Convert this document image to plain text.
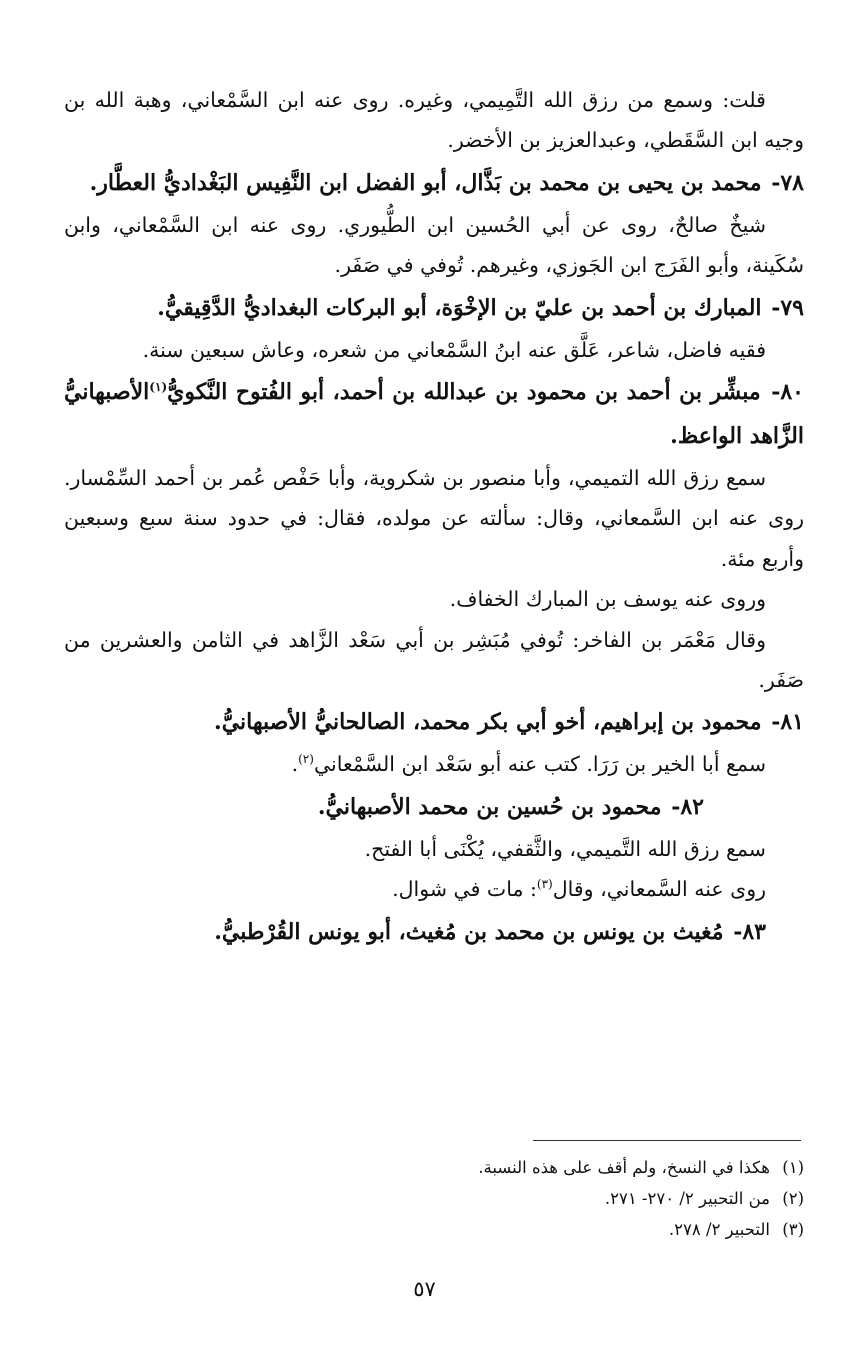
قلت: وسمع من رزق الله التَّمِيمي، وغيره. روى عنه ابن السَّمْعاني، وهبة الله بن وجيه ابن السَّقَطي، وعبدالعزيز بن الأخضر.

٧٨- محمد بن يحيى بن محمد بن بَذَّال، أبو الفضل ابن النَّفِيس البَغْداديُّ العطَّار.

شيخٌ صالحٌ، روى عن أبي الحُسين ابن الطُّيوري. روى عنه ابن السَّمْعاني، وابن سُكَينة، وأبو الفَرَج ابن الجَوزي، وغيرهم. تُوفي في صَفَر.

٧٩- المبارك بن أحمد بن عليّ بن الإخْوَة، أبو البركات البغداديُّ الدَّقِيقيُّ.

فقيه فاضل، شاعر، عَلَّق عنه ابنُ السَّمْعاني من شعره، وعاش سبعين سنة.

٨٠- مبشِّر بن أحمد بن محمود بن عبدالله بن أحمد، أبو الفُتوح النَّكويُّ$^{(١)}$الأصبهانيُّ الزَّاهد الواعظ.

سمع رزق الله التميمي، وأبا منصور بن شكروية، وأبا حَفْص عُمر بن أحمد السِّمْسار. روى عنه ابن السَّمعاني، وقال: سألته عن مولده، فقال: في حدود سنة سبع وسبعين وأربع مئة.

وروى عنه يوسف بن المبارك الخفاف.

وقال مَعْمَر بن الفاخر: تُوفي مُبَشِر بن أبي سَعْد الزَّاهد في الثامن والعشرين من صَفَر.

٨١- محمود بن إبراهيم، أخو أبي بكر محمد، الصالحانيُّ الأصبهانيُّ.

سمع أبا الخير بن رَرَا. كتب عنه أبو سَعْد ابن السَّمْعاني$^{(٢)}$.

٨٢- محمود بن حُسين بن محمد الأصبهانيُّ.

سمع رزق الله التَّميمي، والثَّقفي، يُكْنَى أبا الفتح.

روى عنه السَّمعاني، وقال$^{(٣)}$: مات في شوال.

٨٣- مُغيث بن يونس بن محمد بن مُغيث، أبو يونس القُرْطبيُّ.

(١)
هكذا في النسخ، ولم أقف على هذه النسبة.
(٢)
من التحبير ٢/ ٢٧٠- ٢٧١.
(٣)
التحبير ٢/ ٢٧٨.
٥٧
